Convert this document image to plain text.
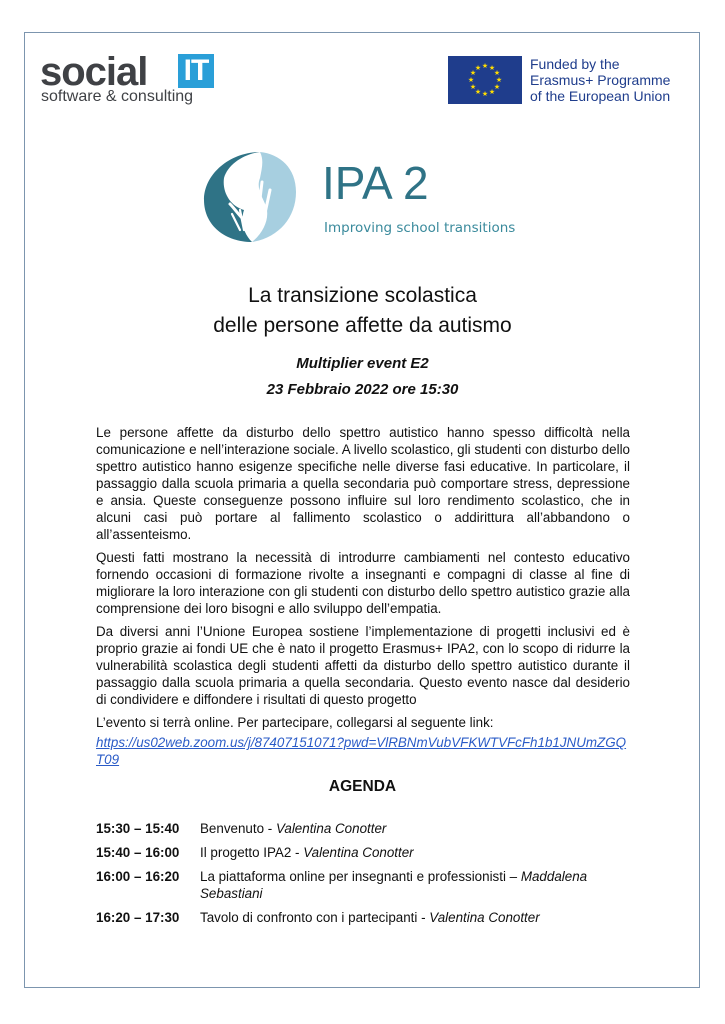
social IT
software & consulting
★ ★
★
★
★
★
★
★
★
★
★
★	Funded by the
Erasmus+ Programme
of the European Union
IPA 2
Improving school transitions
La transizione scolastica
delle persone affette da autismo
Multiplier event E2
23 Febbraio 2022 ore 15:30

Le persone affette da disturbo dello spettro autistico hanno spesso difficoltà nella comunicazione e nell’interazione sociale. A livello scolastico, gli studenti con disturbo dello spettro autistico hanno esigenze specifiche nelle diverse fasi educative. In particolare, il passaggio dalla scuola primaria a quella secondaria può comportare stress, depressione e ansia. Queste conseguenze possono influire sul loro rendimento scolastico, che in alcuni casi può portare al fallimento scolastico o addirittura all’abbandono o all’assenteismo.

Questi fatti mostrano la necessità di introdurre cambiamenti nel contesto educativo fornendo occasioni di formazione rivolte a insegnanti e compagni di classe al fine di migliorare la loro interazione con gli studenti con disturbo dello spettro autistico grazie alla comprensione dei loro bisogni e allo sviluppo dell’empatia.

Da diversi anni l’Unione Europea sostiene l’implementazione di progetti inclusivi ed è proprio grazie ai fondi UE che è nato il progetto Erasmus+ IPA2, con lo scopo di ridurre la vulnerabilità scolastica degli studenti affetti da disturbo dello spettro autistico durante il passaggio dalla scuola primaria a quella secondaria. Questo evento nasce dal desiderio di condividere e diffondere i risultati di questo progetto

L’evento si terrà online. Per partecipare, collegarsi al seguente link:

https://us02web.zoom.us/j/87407151071?pwd=VlRBNmVubVFKWTVFcFh1b1JNUmZGQ
T09
AGENDA
15:30 – 15:40	Benvenuto - Valentina Conotter
15:40 – 16:00	Il progetto IPA2 - Valentina Conotter
16:00 – 16:20	La piattaforma online per insegnanti e professionisti – Maddalena Sebastiani
16:20 – 17:30	Tavolo di confronto con i partecipanti - Valentina Conotter
